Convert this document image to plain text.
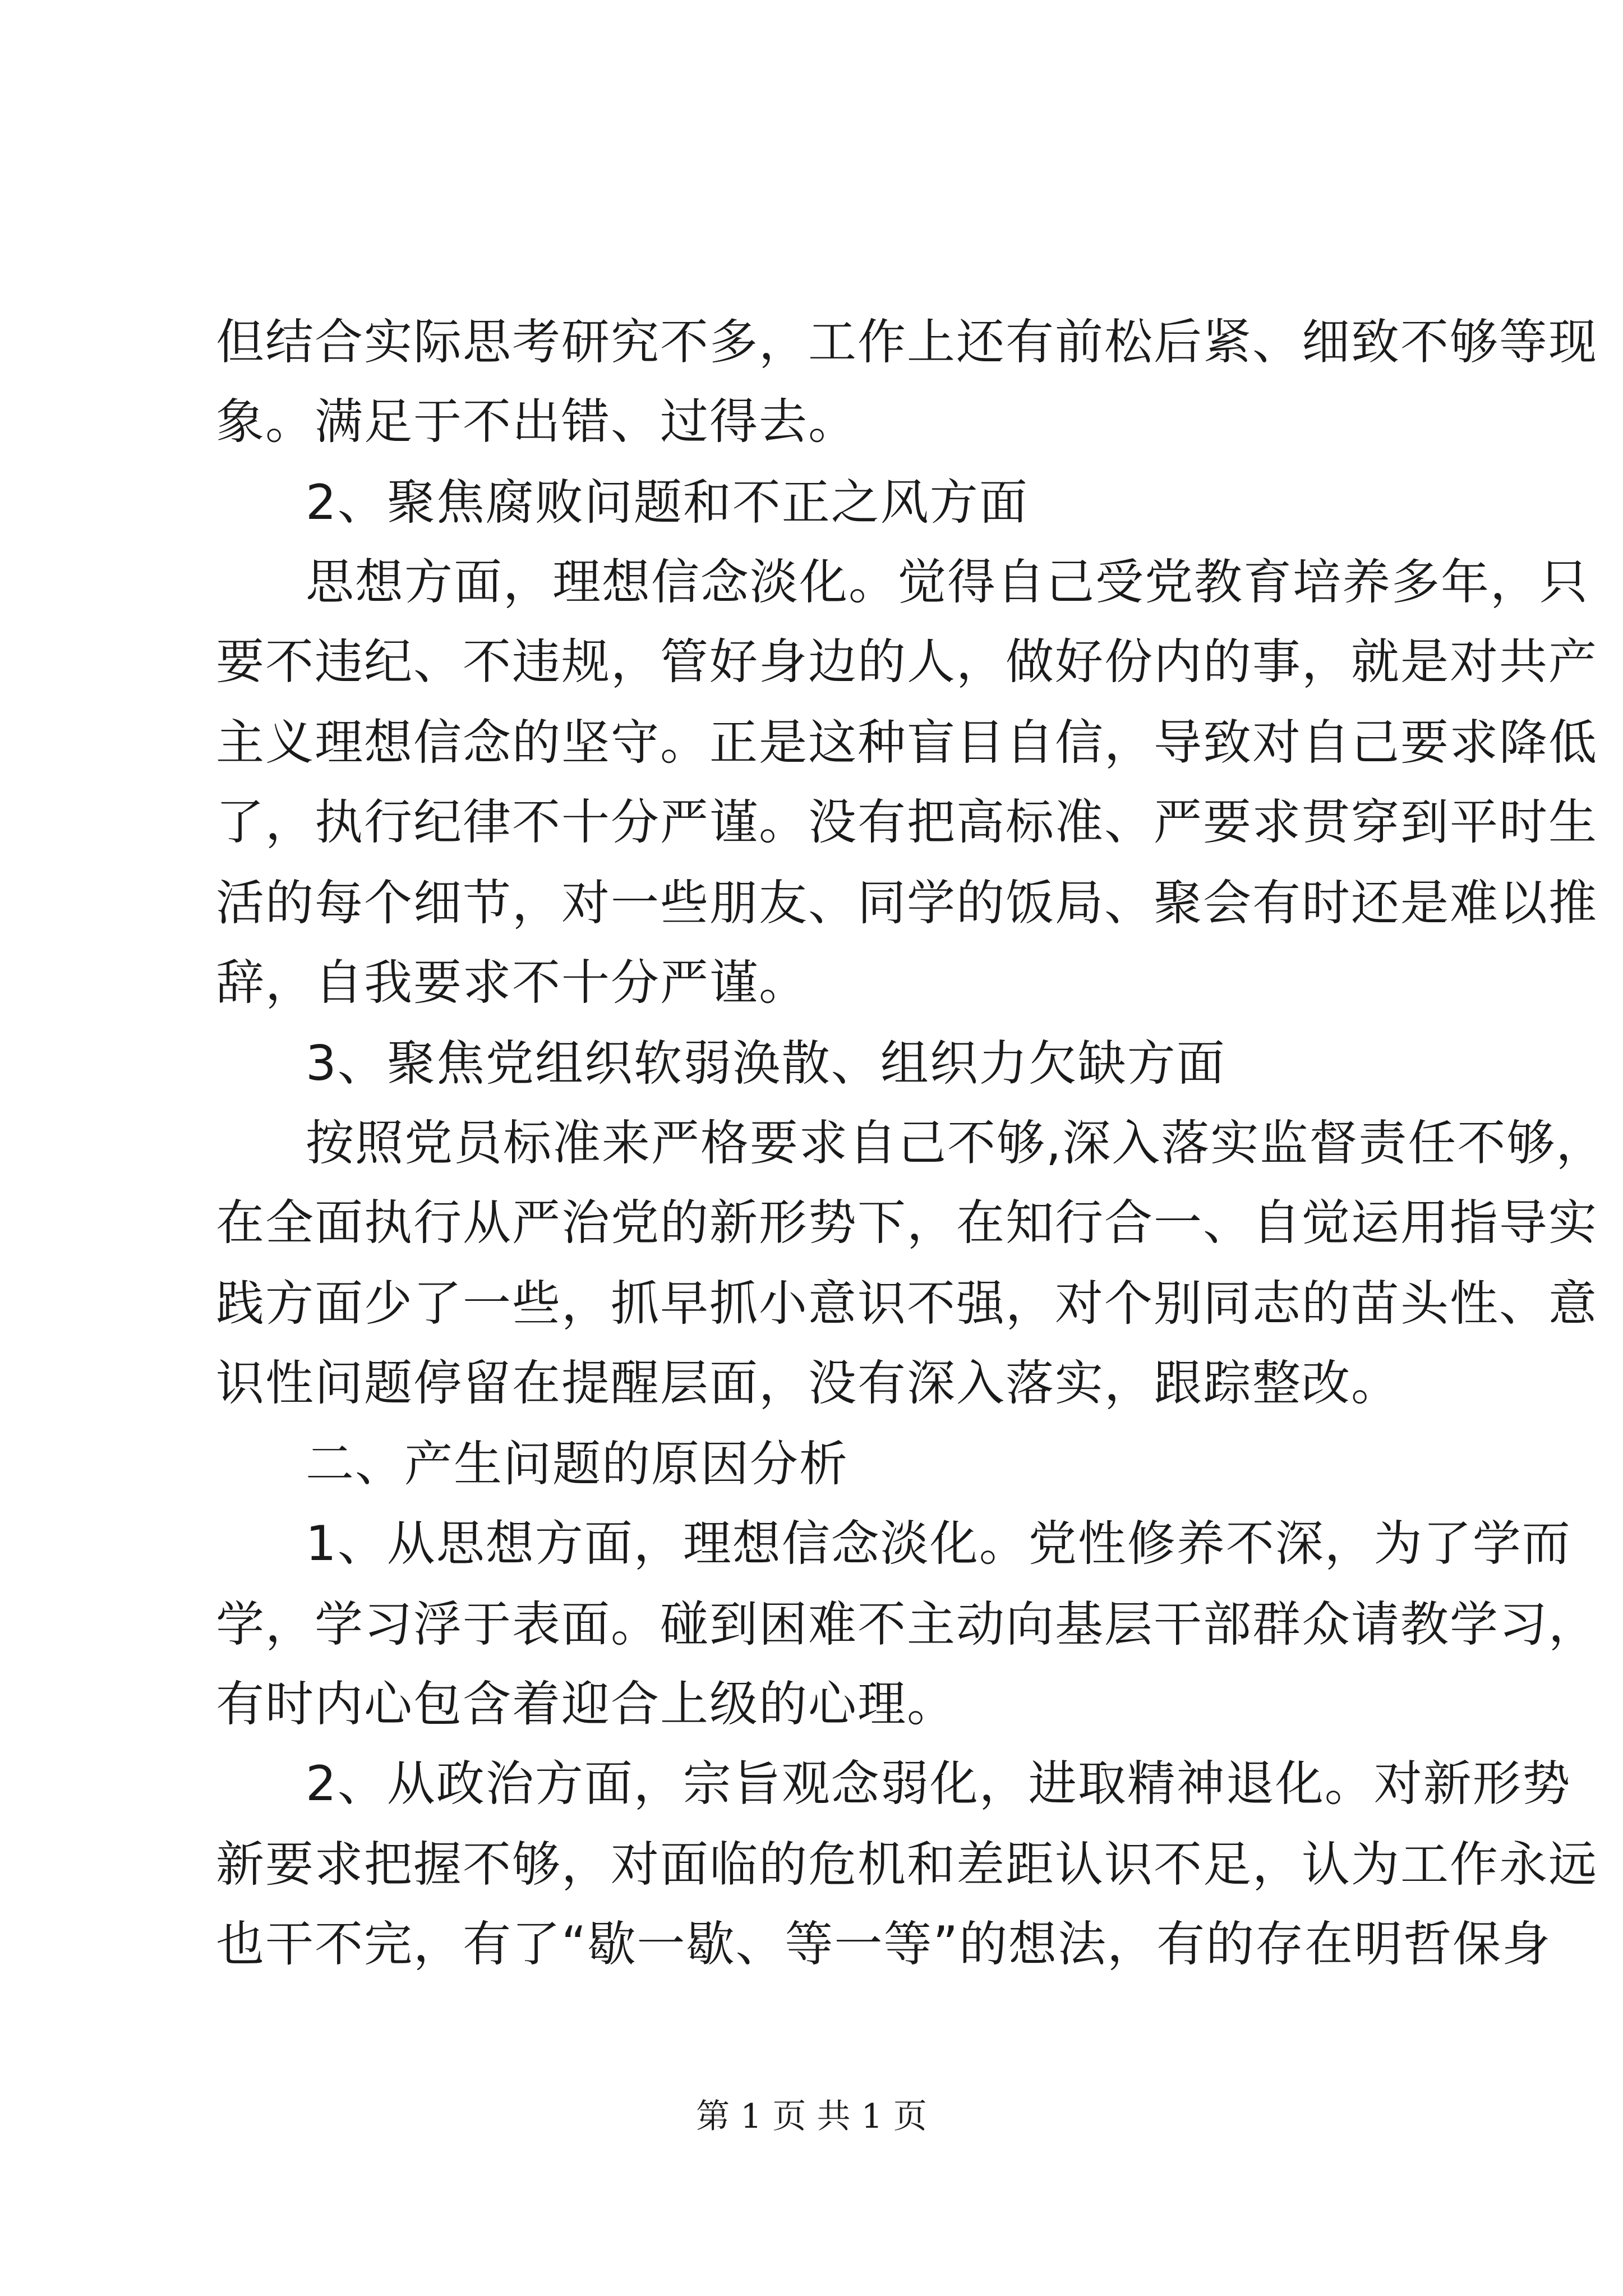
但结合实际思考研究不多，工作上还有前松后紧、细致不够等现
象。满足于不出错、过得去。
2、聚焦腐败问题和不正之风方面
思想方面，理想信念淡化。觉得自己受党教育培养多年，只
要不违纪、不违规，管好身边的人，做好份内的事，就是对共产
主义理想信念的坚守。正是这种盲目自信，导致对自己要求降低
了，执行纪律不十分严谨。没有把高标准、严要求贯穿到平时生
活的每个细节，对一些朋友、同学的饭局、聚会有时还是难以推
辞，自我要求不十分严谨。
3、聚焦党组织软弱涣散、组织力欠缺方面
按照党员标准来严格要求自己不够,深入落实监督责任不够，
在全面执行从严治党的新形势下，在知行合一、自觉运用指导实
践方面少了一些，抓早抓小意识不强，对个别同志的苗头性、意
识性问题停留在提醒层面，没有深入落实，跟踪整改。
二、产生问题的原因分析
1、从思想方面，理想信念淡化。党性修养不深，为了学而
学，学习浮于表面。碰到困难不主动向基层干部群众请教学习，
有时内心包含着迎合上级的心理。
2、从政治方面，宗旨观念弱化，进取精神退化。对新形势
新要求把握不够，对面临的危机和差距认识不足，认为工作永远
也干不完，有了“歇一歇、等一等”的想法，有的存在明哲保身
第 1 页 共 1 页
